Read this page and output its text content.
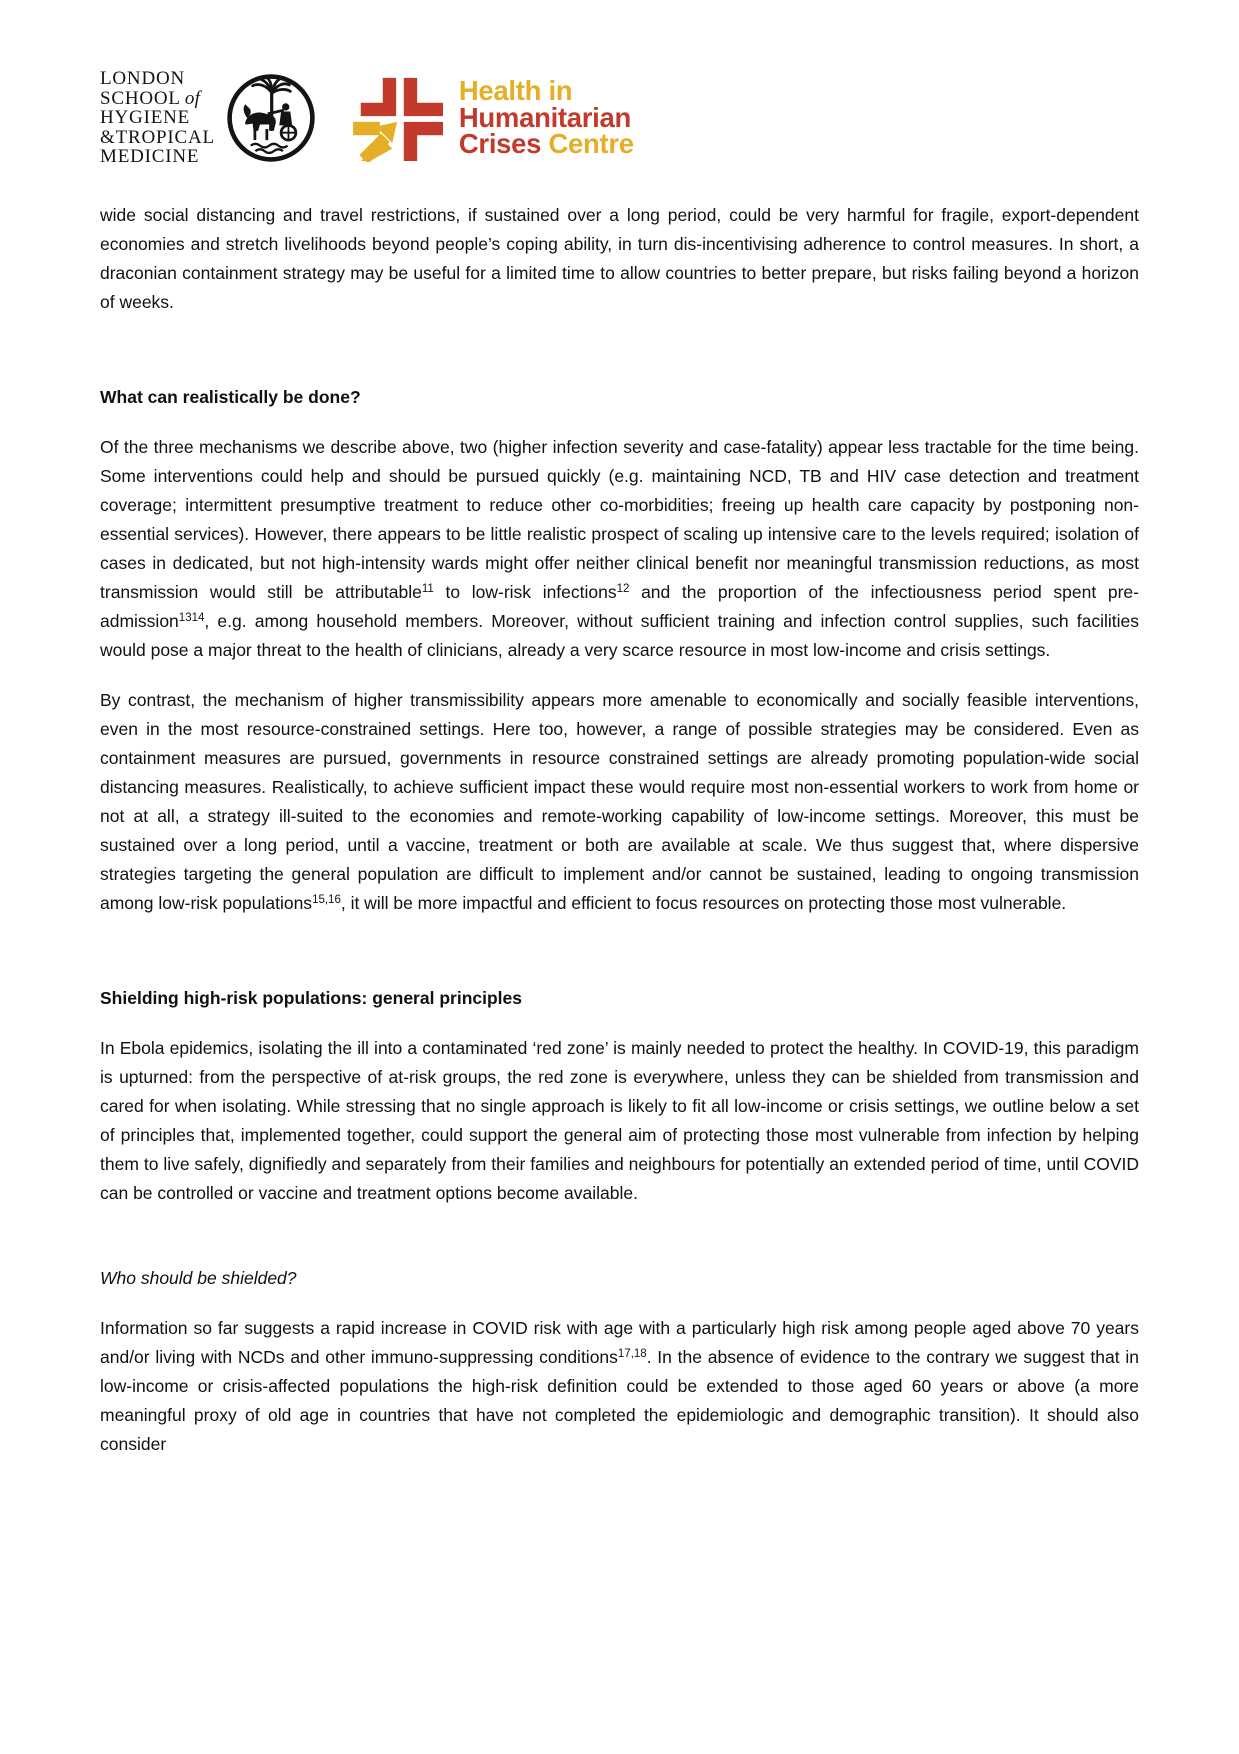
LONDON
SCHOOL of
HYGIENE
&TROPICAL
MEDICINE
Health in
Humanitarian
Crises Centre

wide social distancing and travel restrictions, if sustained over a long period, could be very harmful for fragile, export-dependent economies and stretch livelihoods beyond people’s coping ability, in turn dis-incentivising adherence to control measures. In short, a draconian containment strategy may be useful for a limited time to allow countries to better prepare, but risks failing beyond a horizon of weeks.

What can realistically be done?

Of the three mechanisms we describe above, two (higher infection severity and case-fatality) appear less tractable for the time being. Some interventions could help and should be pursued quickly (e.g. maintaining NCD, TB and HIV case detection and treatment coverage; intermittent presumptive treatment to reduce other co-morbidities; freeing up health care capacity by postponing non-essential services). However, there appears to be little realistic prospect of scaling up intensive care to the levels required; isolation of cases in dedicated, but not high-intensity wards might offer neither clinical benefit nor meaningful transmission reductions, as most transmission would still be attributable$^{11}$ to low-risk infections$^{12}$ and the proportion of the infectiousness period spent pre-admission$^{1314}$, e.g. among household members. Moreover, without sufficient training and infection control supplies, such facilities would pose a major threat to the health of clinicians, already a very scarce resource in most low-income and crisis settings.

By contrast, the mechanism of higher transmissibility appears more amenable to economically and socially feasible interventions, even in the most resource-constrained settings. Here too, however, a range of possible strategies may be considered. Even as containment measures are pursued, governments in resource constrained settings are already promoting population-wide social distancing measures. Realistically, to achieve sufficient impact these would require most non-essential workers to work from home or not at all, a strategy ill-suited to the economies and remote-working capability of low-income settings. Moreover, this must be sustained over a long period, until a vaccine, treatment or both are available at scale. We thus suggest that, where dispersive strategies targeting the general population are difficult to implement and/or cannot be sustained, leading to ongoing transmission among low-risk populations$^{15,16}$, it will be more impactful and efficient to focus resources on protecting those most vulnerable.

Shielding high-risk populations: general principles

In Ebola epidemics, isolating the ill into a contaminated ‘red zone’ is mainly needed to protect the healthy. In COVID-19, this paradigm is upturned: from the perspective of at-risk groups, the red zone is everywhere, unless they can be shielded from transmission and cared for when isolating. While stressing that no single approach is likely to fit all low-income or crisis settings, we outline below a set of principles that, implemented together, could support the general aim of protecting those most vulnerable from infection by helping them to live safely, dignifiedly and separately from their families and neighbours for potentially an extended period of time, until COVID can be controlled or vaccine and treatment options become available.

Who should be shielded?

Information so far suggests a rapid increase in COVID risk with age with a particularly high risk among people aged above 70 years and/or living with NCDs and other immuno-suppressing conditions$^{17,18}$. In the absence of evidence to the contrary we suggest that in low-income or crisis-affected populations the high-risk definition could be extended to those aged 60 years or above (a more meaningful proxy of old age in countries that have not completed the epidemiologic and demographic transition). It should also consider
